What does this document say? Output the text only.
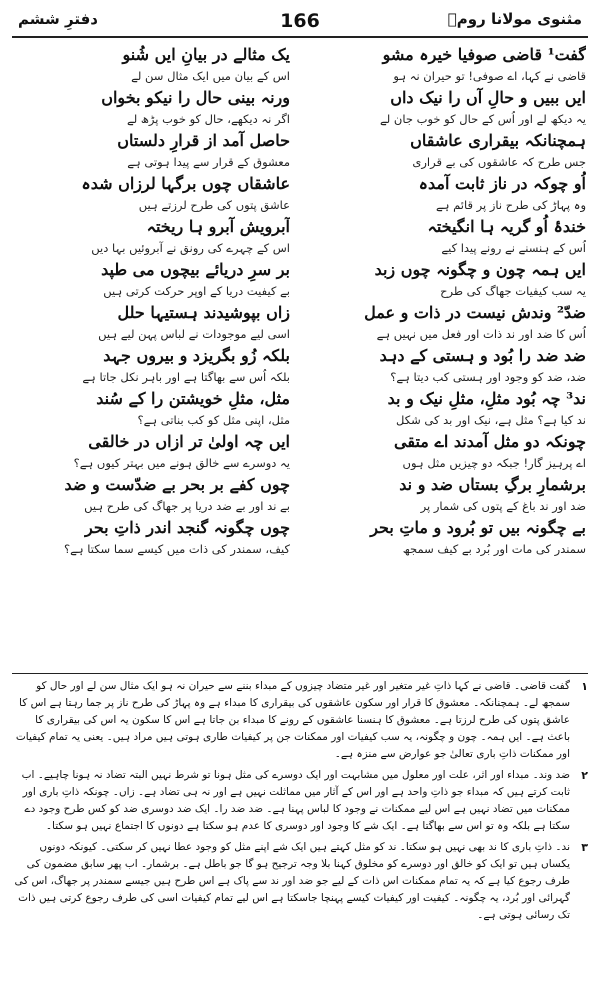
مثنوی مولانا رومؒ
166
دفترِ ششم

گفت¹ قاضی صوفیا خیرہ مشو

قاضی نے کہا، اے صوفی! تو حیران نہ ہو

ایں ببیں و حالِ آں را نیک داں

یہ دیکھ لے اور اُس کے حال کو خوب جان لے

ہمچنانکہ بیقراری عاشقاں

جس طرح کہ عاشقوں کی بے قراری

اُو چوکہ در ناز ثابت آمدہ

وہ پہاڑ کی طرح ناز پر قائم ہے

خندۂ اُو گریہ ہا انگیختہ

اُس کے ہنسنے نے رونے پیدا کیے

ایں ہمہ چون و چگونہ چوں زبد

یہ سب کیفیات جھاگ کی طرح

ضدّ² وندش نیست در ذات و عمل

اُس کا ضد اور ند ذات اور فعل میں نہیں ہے

ضد ضد را بُود و ہستی کے دہد

ضد، ضد کو وجود اور ہستی کب دیتا ہے؟

ند³ چہ بُود مثلِ، مثلِ نیک و بد

ند کیا ہے؟ مثل ہے، نیک اور بد کی شکل

چونکہ دو مثل آمدند اے متقی

اے پرہیز گار! جبکہ دو چیزیں مثل ہوں

برشمارِ برگِ بستاں ضد و ند

ضد اور ند باغ کے پتوں کی شمار پر

بے چگونہ بیں تو بُرود و ماتِ بحر

سمندر کی مات اور بُرد بے کیف سمجھ

یک مثالے در بیانِ ایں شُنو

اس کے بیان میں ایک مثال سن لے

ورنہ بینی حال را نیکو بخواں

اگر نہ دیکھے، حال کو خوب پڑھ لے

حاصل آمد از قرارِ دلستاں

معشوق کے قرار سے پیدا ہوتی ہے

عاشقاں چوں برگہا لرزاں شدہ

عاشق پتوں کی طرح لرزتے ہیں

آبرویش آبرو ہا ریختہ

اس کے چہرے کی رونق نے آبروئیں بہا دیں

بر سرِ دریائے بیچوں می طپد

بے کیفیت دریا کے اوپر حرکت کرتی ہیں

زاں بپوشیدند ہستیہا حلل

اسی لیے موجودات نے لباس پہن لیے ہیں

بلکہ زُو بگریزد و بیروں جہد

بلکہ اُس سے بھاگتا ہے اور باہر نکل جاتا ہے

مثل، مثلِ خویشتن را کے سُند

مثل، اپنی مثل کو کب بناتی ہے؟

ایں چہ اولیٰ تر ازاں در خالقی

یہ دوسرے سے خالق ہونے میں بہتر کیوں ہے؟

چوں کفے بر بحر بے ضدّست و ضد

بے ند اور بے ضد دریا پر جھاگ کی طرح ہیں

چوں چگونہ گنجد اندر ذاتِ بحر

کیف، سمندر کی ذات میں کیسے سما سکتا ہے؟

۱
گفت قاضی۔ قاضی نے کہا ذاتِ غیر متغیر اور غیر متضاد چیزوں کے مبداء بننے سے حیران نہ ہو ایک مثال سن لے اور حال کو سمجھ لے۔ ہمچنانکہ۔ معشوق کا قرار اور سکون عاشقوں کی بیقراری کا مبداء ہے وہ پہاڑ کی طرح ناز پر جما رہتا ہے اس کا عاشق پتوں کی طرح لرزتا ہے۔ معشوق کا ہنسنا عاشقوں کے رونے کا مبداء بن جاتا ہے اس کا سکون یہ اس کی بیقراری کا باعث ہے۔ ایں ہمہ۔ چون و چگونہ، یہ سب کیفیات اور ممکنات جن پر کیفیات طاری ہوتی ہیں مراد ہیں۔ یعنی یہ تمام کیفیات اور ممکنات ذاتِ باری تعالیٰ جو عوارض سے منزہ ہے۔
۲
ضد وند۔ مبداء اور اثر، علت اور معلول میں مشابہت اور ایک دوسرے کی مثل ہونا تو شرط نہیں البتہ تضاد نہ ہونا چاہیے۔ اب ثابت کرتے ہیں کہ مبداء جو ذاتِ واحد ہے اور اس کے آثار میں مماثلت نہیں ہے اور نہ ہی تضاد ہے۔ زاں۔ چونکہ ذاتِ باری اور ممکنات میں تضاد نہیں ہے اس لیے ممکنات نے وجود کا لباس پہنا ہے۔ ضد ضد را۔ ایک ضد دوسری ضد کو کس طرح وجود دے سکتا ہے بلکہ وہ تو اس سے بھاگتا ہے۔ ایک شے کا وجود اور دوسری کا عدم ہو سکتا ہے دونوں کا اجتماع نہیں ہو سکتا۔
۳
ند۔ ذاتِ باری کا ند بھی نہیں ہو سکتا۔ ند کو مثل کہتے ہیں ایک شے اپنے مثل کو وجود عطا نہیں کر سکتی۔ کیونکہ دونوں یکساں ہیں تو ایک کو خالق اور دوسرے کو مخلوق کہنا بلا وجہ ترجیح ہو گا جو باطل ہے۔ برشمار۔ اب پھر سابق مضمون کی طرف رجوع کیا ہے کہ یہ تمام ممکنات اس ذات کے لیے جو ضد اور ند سے پاک ہے اس طرح ہیں جیسے سمندر پر جھاگ، اس کی گہرائی اور بُرد، یہ چگونہ۔ کیفیت اور کیفیات کیسے پہنچا جاسکتا ہے اس لیے تمام کیفیات اسی کی طرف رجوع کرتی ہیں ذات تک رسائی ہوتی ہے۔
